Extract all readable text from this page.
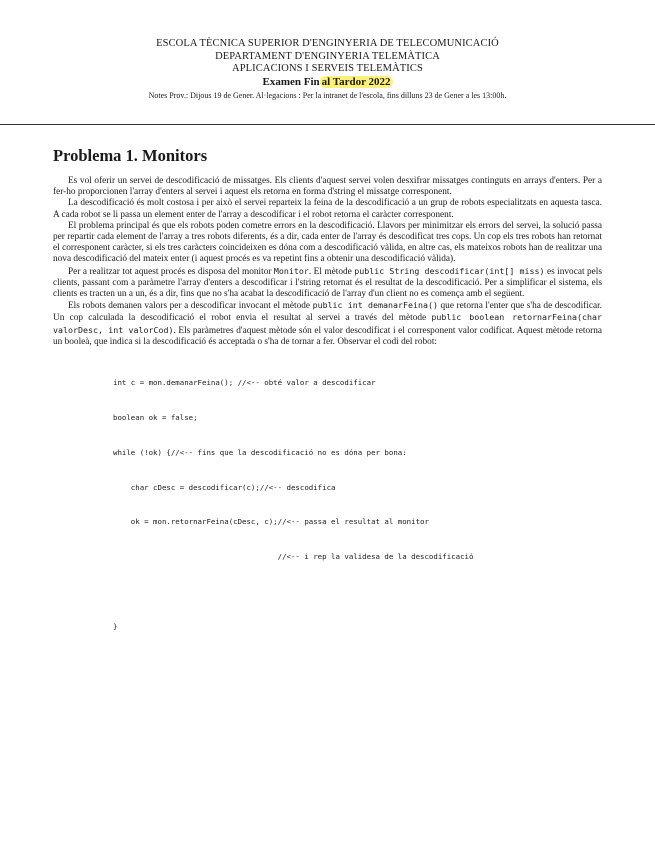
ESCOLA TÈCNICA SUPERIOR D'ENGINYERIA DE TELECOMUNICACIÓ
DEPARTAMENT D'ENGINYERIA TELEMÀTICA
APLICACIONS I SERVEIS TELEMÀTICS
Examen Fin al Tardor 2022
Notes Prov.: Dijous 19 de Gener. Al·legacions : Per la intranet de l'escola, fins dilluns 23 de Gener a les 13:00h.
Problema 1. Monitors

Es vol oferir un servei de descodificació de missatges. Els clients d'aquest servei volen desxifrar missatges continguts en arrays d'enters. Per a fer-ho proporcionen l'array d'enters al servei i aquest els retorna en forma d'string el missatge corresponent.

La descodificació és molt costosa i per això el servei reparteix la feina de la descodificació a un grup de robots especialitzats en aquesta tasca. A cada robot se li passa un element enter de l'array a descodificar i el robot retorna el caràcter corresponent.

El problema principal és que els robots poden cometre errors en la descodificació. Llavors per minimitzar els errors del servei, la solució passa per repartir cada element de l'array a tres robots diferents, és a dir, cada enter de l'array és descodificat tres cops. Un cop els tres robots han retornat el corresponent caràcter, si els tres caràcters coincideixen es dóna com a descodificació vàlida, en altre cas, els mateixos robots han de realitzar una nova descodificació del mateix enter (i aquest procés es va repetint fins a obtenir una descodificació vàlida).

Per a realitzar tot aquest procés es disposa del monitor Monitor. El mètode public String descodificar(int[] miss) es invocat pels clients, passant com a paràmetre l'array d'enters a descodificar i l'string retornat és el resultat de la descodificació. Per a simplificar el sistema, els clients es tracten un a un, és a dir, fins que no s'ha acabat la descodificació de l'array d'un client no es comença amb el següent.

Els robots demanen valors per a descodificar invocant el mètode public int demanarFeina() que retorna l'enter que s'ha de descodificar. Un cop calculada la descodificació el robot envia el resultat al servei a través del mètode public boolean retornarFeina(char valorDesc, int valorCod). Els paràmetres d'aquest mètode són el valor descodificat i el corresponent valor codificat. Aquest mètode retorna un booleà, que indica si la descodificació és acceptada o s'ha de tornar a fer. Observar el codi del robot:

int c = mon.demanarFeina(); //<-- obté valor a descodificar

boolean ok = false;

while (!ok) {//<-- fins que la descodificació no es dóna per bona:

char cDesc = descodificar(c);//<-- descodifica

ok = mon.retornarFeina(cDesc, c);//<-- passa el resultat al monitor

//<-- i rep la validesa de la descodificació

}
